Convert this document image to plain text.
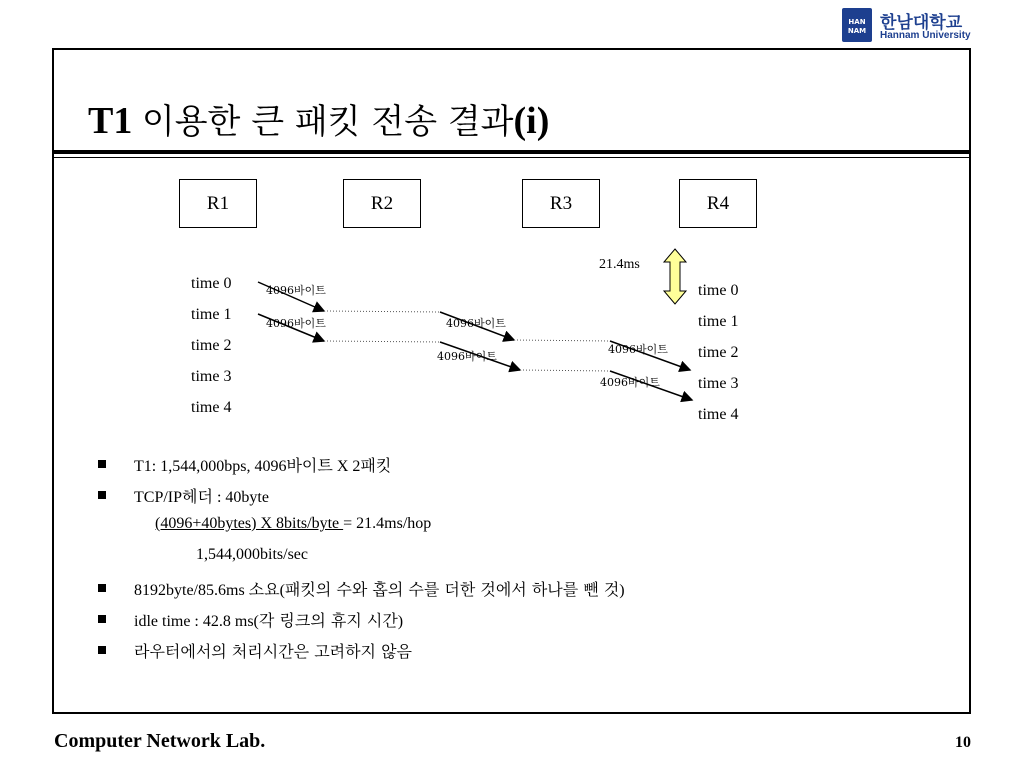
HAN
NAM 한남대학교
Hannam University
T1 이용한 큰 패킷 전송 결과(i)
R1	R2	R3	R4
21.4ms
time 0
time 1
time 2
time 3
time 4
time 0
time 1
time 2
time 3
time 4
4096바이트
4096바이트	4096바이트
4096바이트
4096바이트
4096바이트
T1: 1,544,000bps, 4096바이트 X 2패킷
TCP/IP헤더 : 40byte
(4096+40bytes) X 8bits/byte = 21.4ms/hop
1,544,000bits/sec
8192byte/85.6ms 소요(패킷의 수와 홉의 수를 더한 것에서 하나를 뺀 것)
idle time : 42.8 ms(각 링크의 휴지 시간)
라우터에서의 처리시간은 고려하지 않음
Computer Network Lab.	10
